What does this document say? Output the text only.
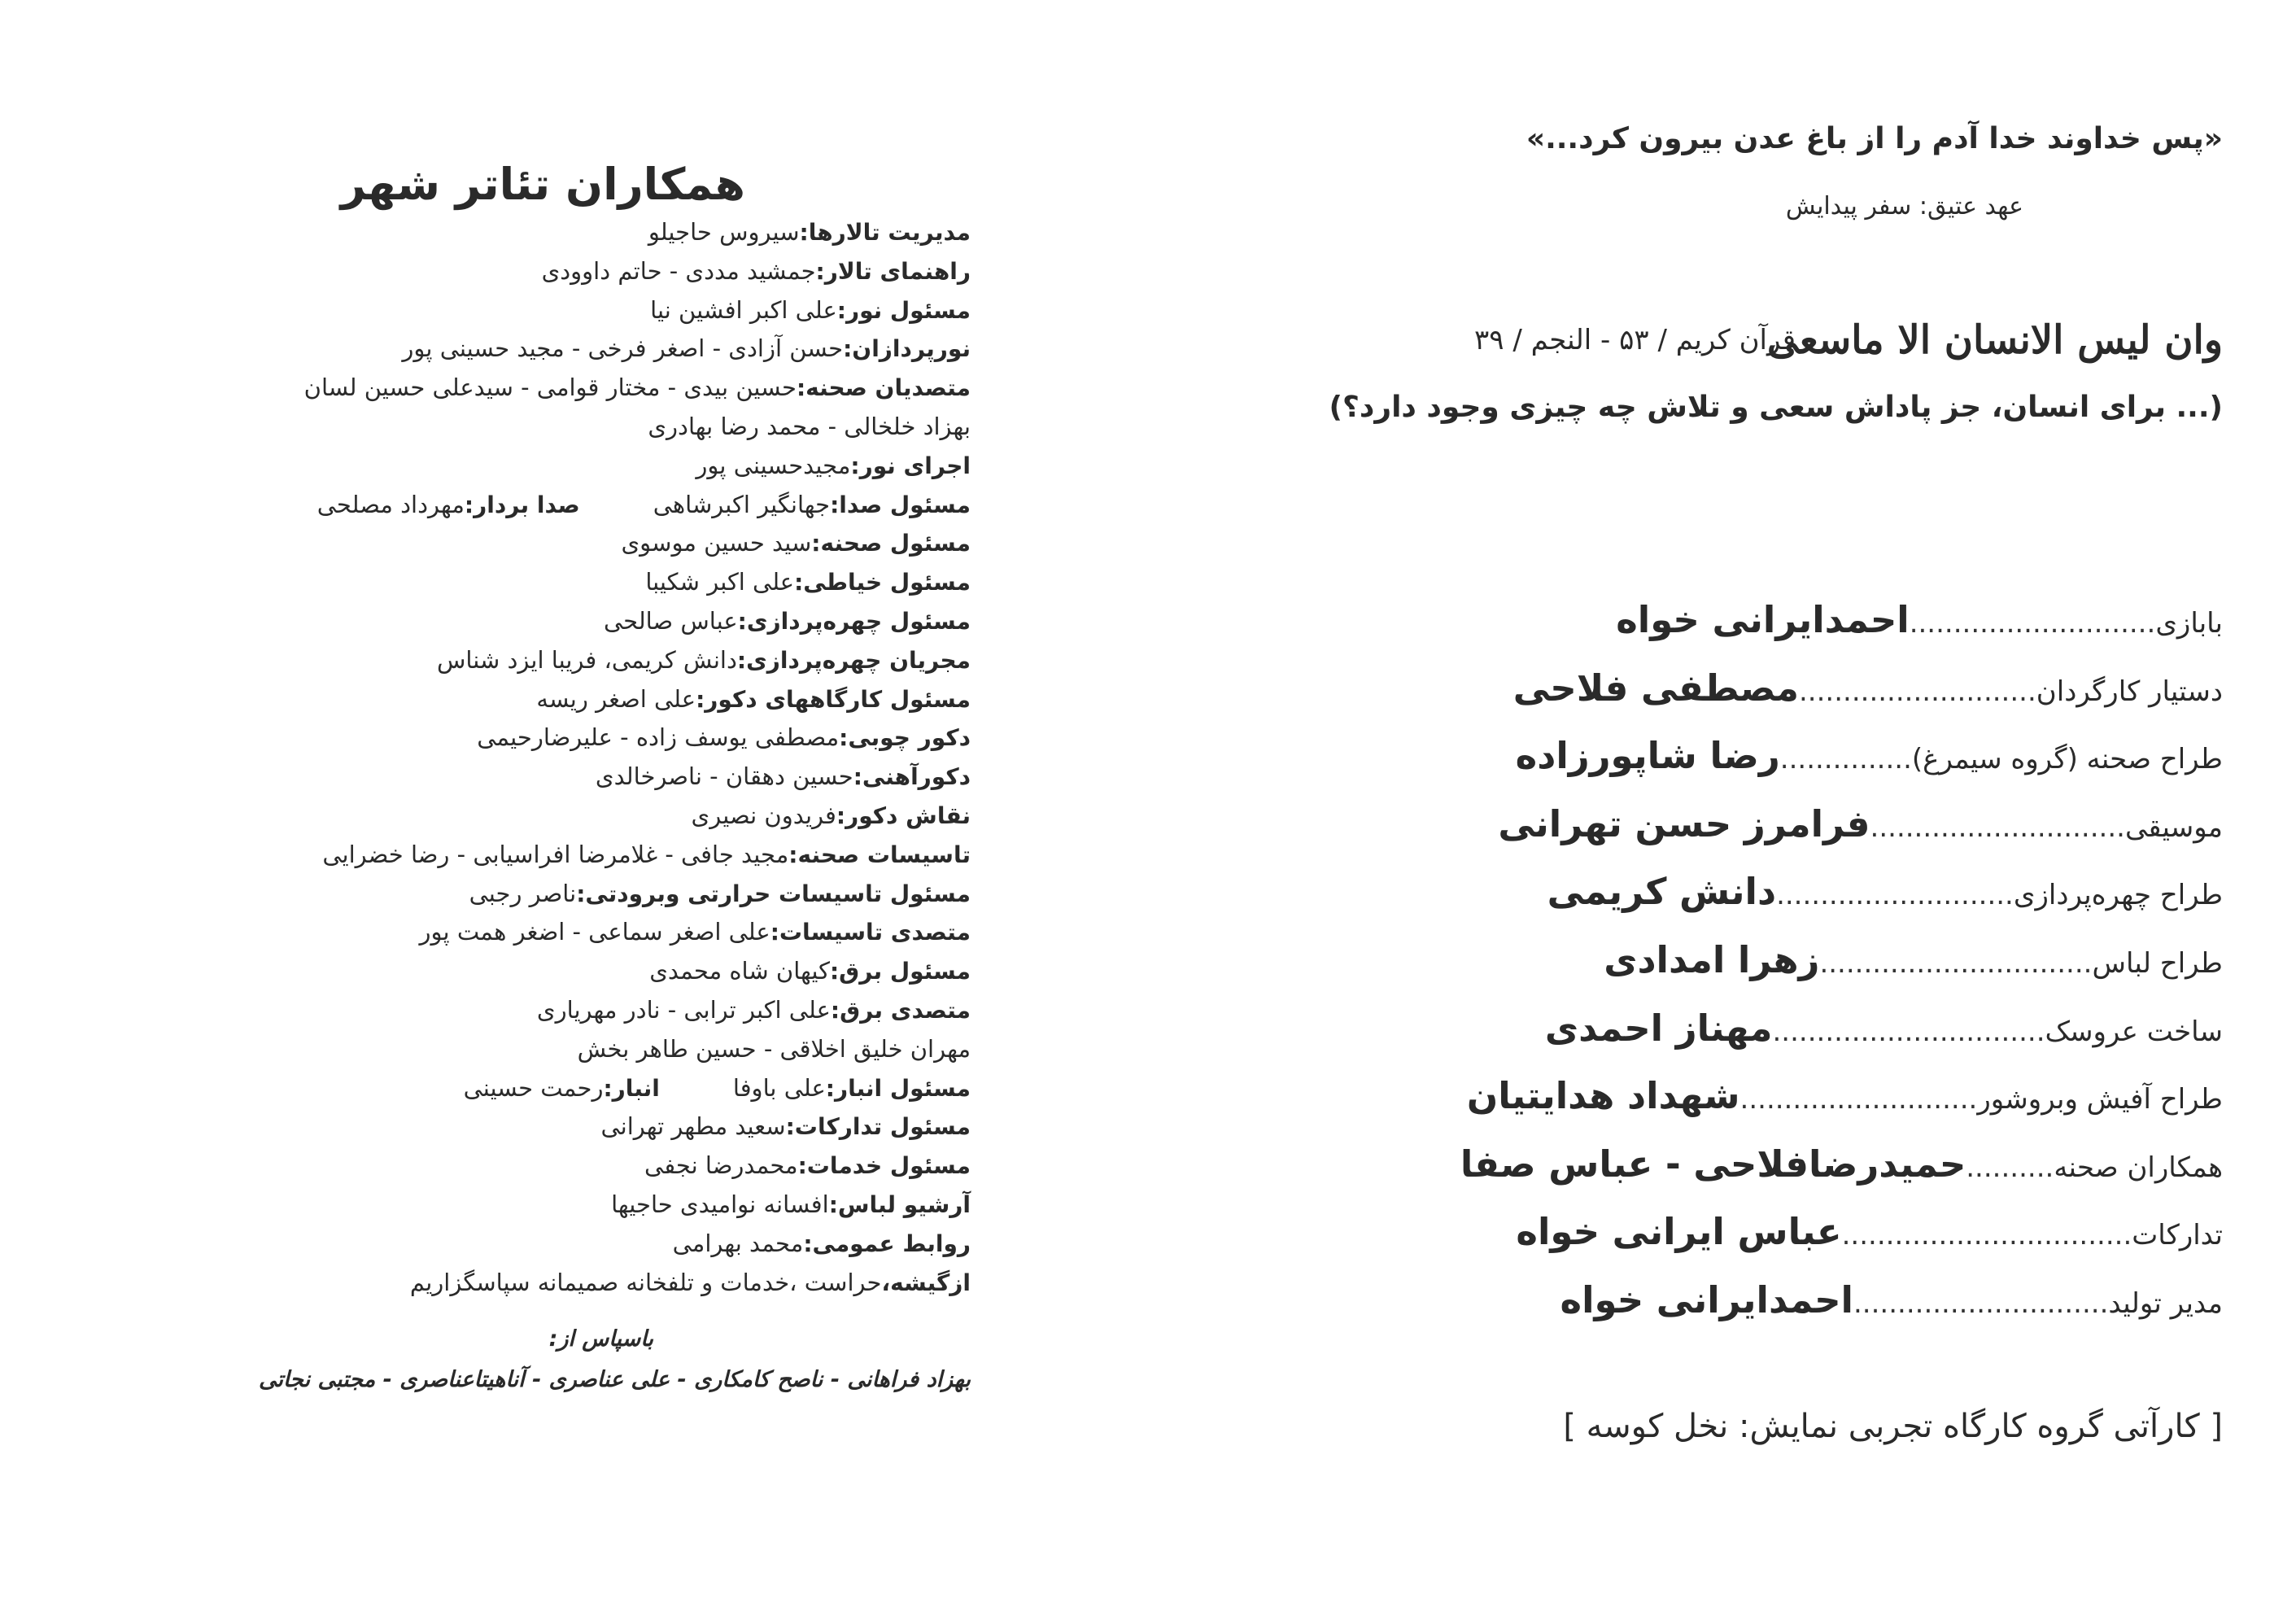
همکاران تئاتر شهر
مدیریت تالارها:سیروس حاجیلو
راهنمای تالار:جمشید مددی - حاتم داوودی
مسئول نور:علی اکبر افشین نیا
نورپردازان:حسن آزادی - اصغر فرخی - مجید حسینی پور
متصدیان صحنه:حسین بیدی - مختار قوامی - سیدعلی حسین لسان
بهزاد خلخالی - محمد رضا بهادری
اجرای نور:مجیدحسینی پور
مسئول صدا:جهانگیر اکبرشاهیصدا بردار:مهرداد مصلحی
مسئول صحنه:سید حسین موسوی
مسئول خیاطی:علی اکبر شکیبا
مسئول چهره‌پردازی:عباس صالحی
مجریان چهره‌پردازی:دانش کریمی، فریبا ایزد شناس
مسئول کارگاههای دکور:علی اصغر ریسه
دکور چوبی:مصطفی یوسف زاده - علیرضارحیمی
دکورآهنی:حسین دهقان - ناصرخالدی
نقاش دکور:فریدون نصیری
تاسیسات صحنه:مجید جافی - غلامرضا افراسیابی - رضا خضرایی
مسئول تاسیسات حرارتی وبرودتی:ناصر رجبی
متصدی تاسیسات:علی اصغر سماعی - اضغر همت پور
مسئول برق:کیهان شاه محمدی
متصدی برق:علی اکبر ترابی - نادر مهریاری
مهران خلیق اخلاقی - حسین طاهر بخش
مسئول انبار:علی باوفاانبار:رحمت حسینی
مسئول تدارکات:سعید مطهر تهرانی
مسئول خدمات:محمدرضا نجفی
آرشیو لباس:افسانه نوامیدی حاجیها
روابط عمومی:محمد بهرامی
ازگیشه،حراست ،خدمات و تلفخانه صمیمانه سپاسگزاریم

باسپاس از:

بهزاد فراهانی - ناصح کامکاری - علی عناصری - آناهیتاعناصری - مجتبی نجاتی

«پس خداوند خدا آدم را از باغ عدن بیرون کرد...»

عهد عتیق: سفر پیدایش

وان لیس الانسان الا ماسعی
قرآن کریم / ۵۳ - النجم / ۳۹

(... برای انسان، جز پاداش سعی و تلاش چه چیزی وجود دارد؟)

بابازی............................احمدایرانی خواه
دستیار کارگردان...........................مصطفی فلاحی
طراح صحنه (گروه سیمرغ)...............رضا شاپورزاده
موسیقی.............................فرامرز حسن تهرانی
طراح چهره‌پردازی...........................دانش کریمی
طراح لباس...............................زهرا امدادی
ساخت عروسک...............................مهناز احمدی
طراح آفیش وبروشور...........................شهداد هدایتیان
همکاران صحنه..........حمیدرضافلاحی - عباس صفا
تدارکات.................................عباس ایرانی خواه
مدیر تولید.............................احمدایرانی خواه

[ کارآتی گروه کارگاه تجربی نمایش: نخل کوسه ]
